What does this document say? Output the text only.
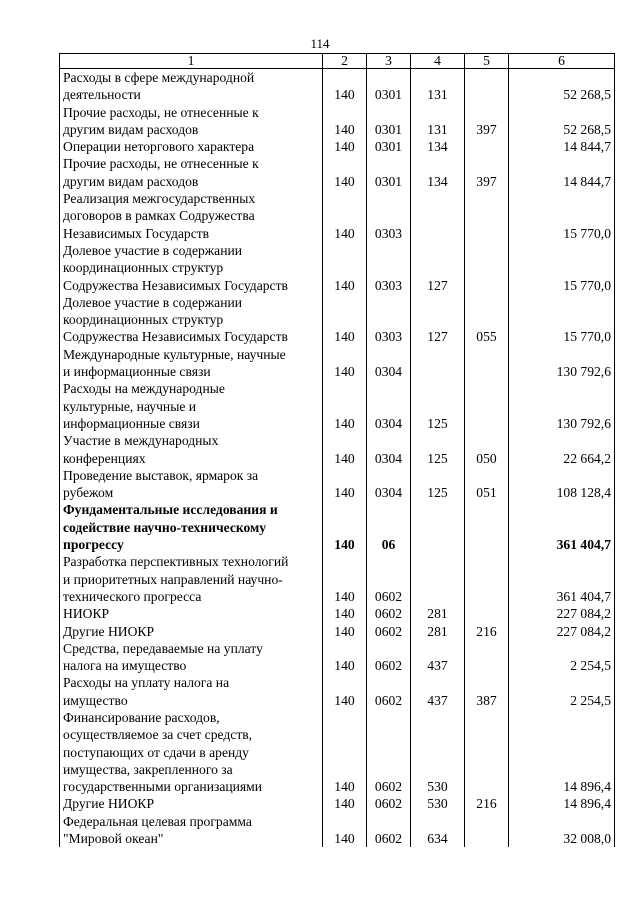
114
1	2	3	4	5	6

Расходы в сфере международной
деятельности	140	0301	131		52 268,5

Прочие расходы, не отнесенные к
другим видам расходов	140	0301	131	397	52 268,5

Операции неторгового характера	140	0301	134		14 844,7

Прочие расходы, не отнесенные к
другим видам расходов	140	0301	134	397	14 844,7

Реализация межгосударственных
договоров в рамках Содружества
Независимых Государств	140	0303			15 770,0

Долевое участие в содержании
координационных структур
Содружества Независимых Государств	140	0303	127		15 770,0

Долевое участие в содержании
координационных структур
Содружества Независимых Государств	140	0303	127	055	15 770,0

Международные культурные, научные
и информационные связи	140	0304			130 792,6

Расходы на международные
культурные, научные и
информационные связи	140	0304	125		130 792,6

Участие в международных
конференциях	140	0304	125	050	22 664,2

Проведение выставок, ярмарок за
рубежом	140	0304	125	051	108 128,4

Фундаментальные исследования и
содействие научно-техническому
прогрессу	140	06			361 404,7

Разработка перспективных технологий
и приоритетных направлений научно-
технического прогресса	140	0602			361 404,7

НИОКР	140	0602	281		227 084,2

Другие НИОКР	140	0602	281	216	227 084,2

Средства, передаваемые на уплату
налога на имущество	140	0602	437		2 254,5

Расходы на уплату налога на
имущество	140	0602	437	387	2 254,5

Финансирование расходов,
осуществляемое за счет средств,
поступающих от сдачи в аренду
имущества, закрепленного за
государственными организациями	140	0602	530		14 896,4

Другие НИОКР	140	0602	530	216	14 896,4

Федеральная целевая программа
"Мировой океан"	140	0602	634		32 008,0
